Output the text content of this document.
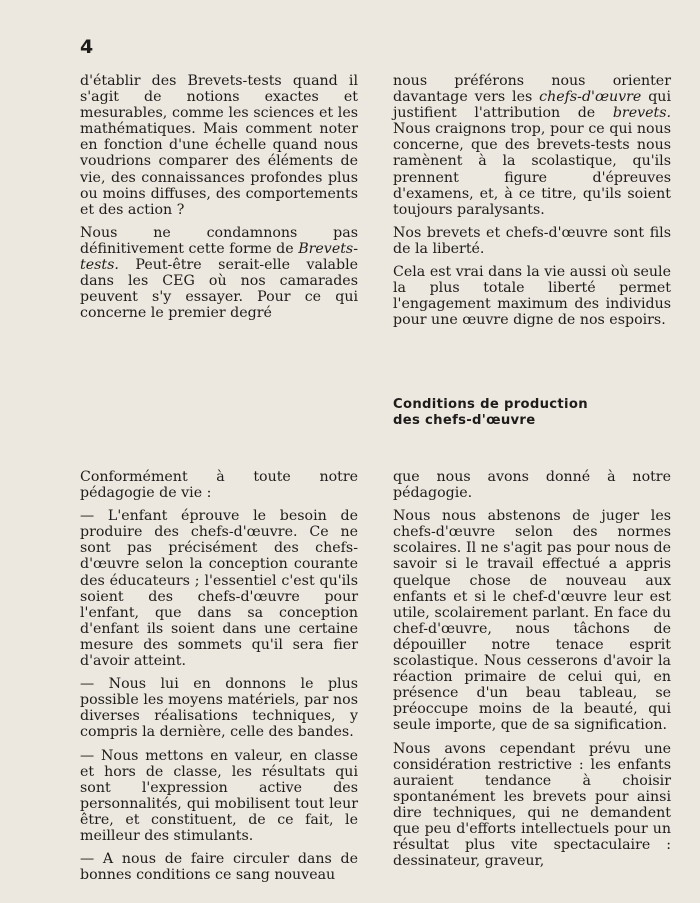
4

d'établir des Brevets-tests quand il s'agit de notions exactes et mesurables, comme les sciences et les mathématiques. Mais comment noter en fonction d'une échelle quand nous voudrions comparer des éléments de vie, des connaissances profondes plus ou moins diffuses, des comportements et des action ?

Nous ne condamnons pas définitivement cette forme de Brevets-tests. Peut-être serait-elle valable dans les CEG où nos camarades peuvent s'y essayer. Pour ce qui concerne le premier degré

nous préférons nous orienter davantage vers les chefs-d'œuvre qui justifient l'attribution de brevets. Nous craignons trop, pour ce qui nous concerne, que des brevets-tests nous ramènent à la scolastique, qu'ils prennent figure d'épreuves d'examens, et, à ce titre, qu'ils soient toujours paralysants.

Nos brevets et chefs-d'œuvre sont fils de la liberté.

Cela est vrai dans la vie aussi où seule la plus totale liberté permet l'engagement maximum des individus pour une œuvre digne de nos espoirs.

Conditions de production
des chefs-d'œuvre

Conformément à toute notre pédagogie de vie :

— L'enfant éprouve le besoin de produire des chefs-d'œuvre. Ce ne sont pas précisément des chefs-d'œuvre selon la conception courante des éducateurs ; l'essentiel c'est qu'ils soient des chefs-d'œuvre pour l'enfant, que dans sa conception d'enfant ils soient dans une certaine mesure des sommets qu'il sera fier d'avoir atteint.

— Nous lui en donnons le plus possible les moyens matériels, par nos diverses réalisations techniques, y compris la dernière, celle des bandes.

— Nous mettons en valeur, en classe et hors de classe, les résultats qui sont l'expression active des personnalités, qui mobilisent tout leur être, et constituent, de ce fait, le meilleur des stimulants.

— A nous de faire circuler dans de bonnes conditions ce sang nouveau

que nous avons donné à notre pédagogie.

Nous nous abstenons de juger les chefs-d'œuvre selon des normes scolaires. Il ne s'agit pas pour nous de savoir si le travail effectué a appris quelque chose de nouveau aux enfants et si le chef-d'œuvre leur est utile, scolairement parlant. En face du chef-d'œuvre, nous tâchons de dépouiller notre tenace esprit scolastique. Nous cesserons d'avoir la réaction primaire de celui qui, en présence d'un beau tableau, se préoccupe moins de la beauté, qui seule importe, que de sa signification.

Nous avons cependant prévu une considération restrictive : les enfants auraient tendance à choisir spontanément les brevets pour ainsi dire techniques, qui ne demandent que peu d'efforts intellectuels pour un résultat plus vite spectaculaire : dessinateur, graveur,
